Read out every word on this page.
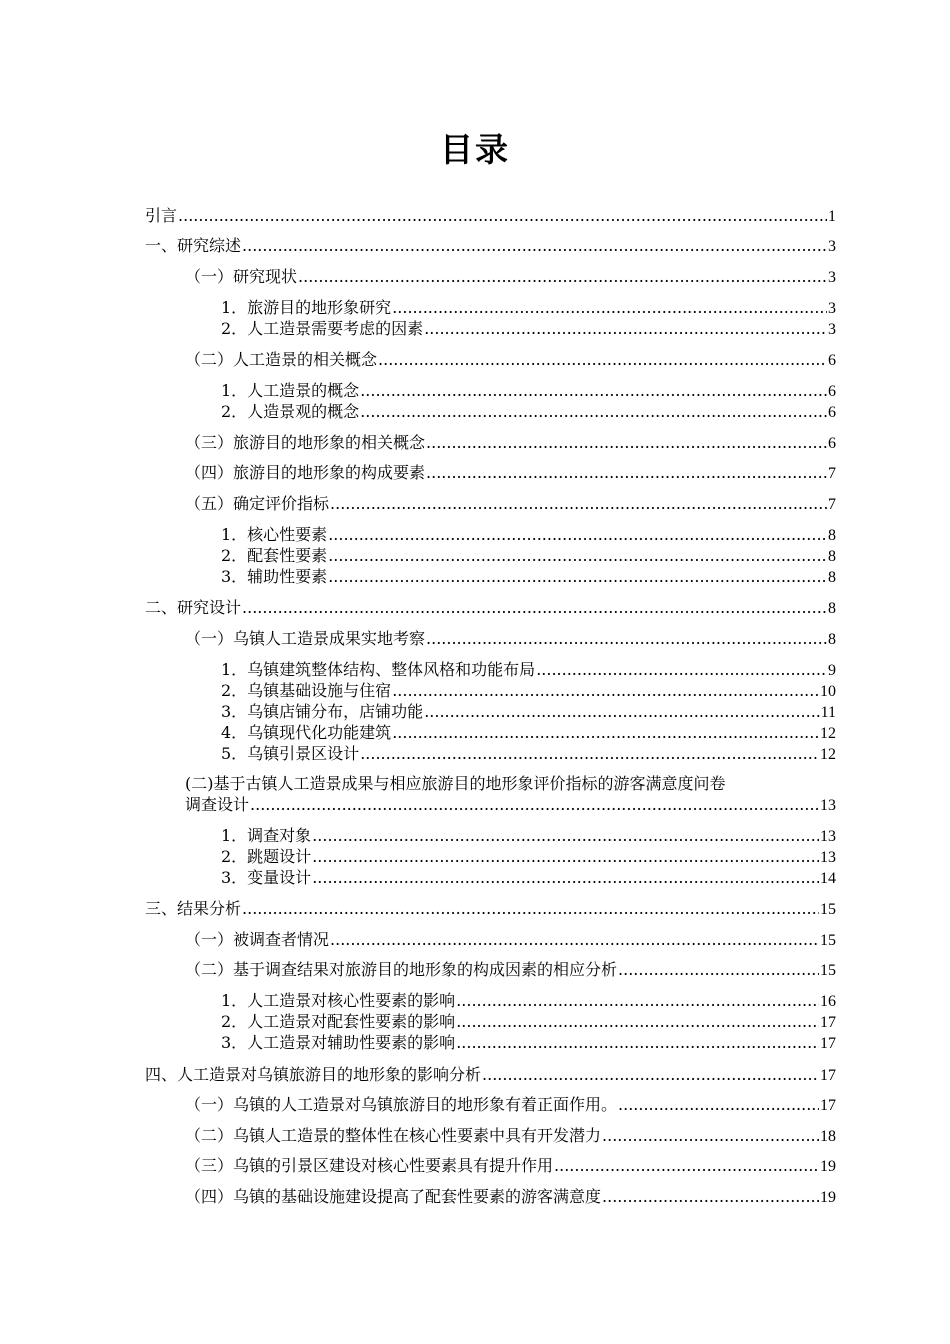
目录
引言 .....	1
一、研究综述 .....	3
（一）研究现状 .....	3
1．旅游目的地形象研究 .....	3
2．人工造景需要考虑的因素 .....	3
（二）人工造景的相关概念 .....	6
1．人工造景的概念 .....	6
2．人造景观的概念 .....	6
（三）旅游目的地形象的相关概念 .....	6
（四）旅游目的地形象的构成要素 .....	7
（五）确定评价指标 .....	7
1．核心性要素 .....	8
2．配套性要素 .....	8
3．辅助性要素 .....	8
二、研究设计 .....	8
（一）乌镇人工造景成果实地考察 .....	8
1．乌镇建筑整体结构、整体风格和功能布局 .....	9
2．乌镇基础设施与住宿 .....	10
3．乌镇店铺分布，店铺功能 .....	11
4．乌镇现代化功能建筑 .....	12
5．乌镇引景区设计 .....	12
(二)基于古镇人工造景成果与相应旅游目的地形象评价指标的游客满意度问卷
调查设计 .....	13
1．调查对象 .....	13
2．跳题设计 .....	13
3．变量设计 .....	14
三、结果分析 .....	15
（一）被调查者情况 .....	15
（二）基于调查结果对旅游目的地形象的构成因素的相应分析 .....	15
1．人工造景对核心性要素的影响 .....	16
2．人工造景对配套性要素的影响 .....	17
3．人工造景对辅助性要素的影响 .....	17
四、人工造景对乌镇旅游目的地形象的影响分析 .....	17
（一）乌镇的人工造景对乌镇旅游目的地形象有着正面作用。 .....	17
（二）乌镇人工造景的整体性在核心性要素中具有开发潜力 .....	18
（三）乌镇的引景区建设对核心性要素具有提升作用 .....	19
（四）乌镇的基础设施建设提高了配套性要素的游客满意度 .....	19
